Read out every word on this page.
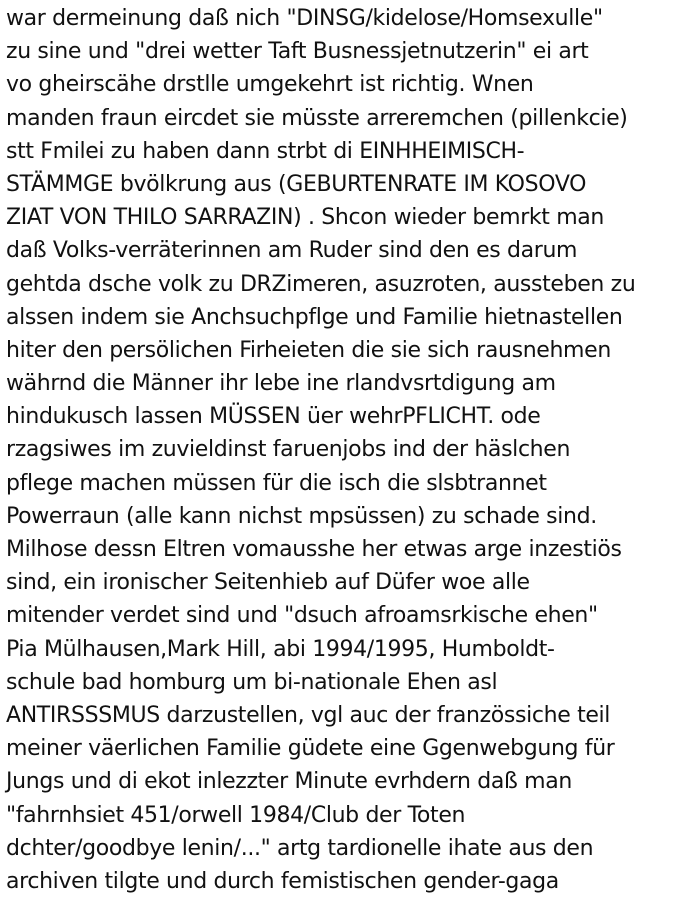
war dermeinung daß nich "DINSG/kidelose/Homsexulle"
zu sine und "drei wetter Taft Busnessjetnutzerin" ei art
vo gheirscähe drstlle umgekehrt ist richtig. Wnen
manden fraun eircdet sie müsste arreremchen (pillenkcie)
stt Fmilei zu haben dann strbt di EINHHEIMISCH-
STÄMMGE bvölkrung aus (GEBURTENRATE IM KOSOVO
ZIAT VON THILO SARRAZIN) . Shcon wieder bemrkt man
daß Volks-verräterinnen am Ruder sind den es darum
gehtda dsche volk zu DRZimeren, asuzroten, aussteben zu
alssen indem sie Anchsuchpflge und Familie hietnastellen
hiter den persölichen Firheieten die sie sich rausnehmen
währnd die Männer ihr lebe ine rlandvsrtdigung am
hindukusch lassen MÜSSEN üer wehrPFLICHT. ode
rzagsiwes im zuvieldinst faruenjobs ind der häslchen
pflege machen müssen für die isch die slsbtrannet
Powerraun (alle kann nichst mpsüssen) zu schade sind.
Milhose dessn Eltren vomausshe her etwas arge inzestiös
sind, ein ironischer Seitenhieb auf Düfer woe alle
mitender verdet sind und "dsuch afroamsrkische ehen"
Pia Mülhausen,Mark Hill, abi 1994/1995, Humboldt-
schule bad homburg um bi-nationale Ehen asl
ANTIRSSSMUS darzustellen, vgl auc der französsiche teil
meiner väerlichen Familie güdete eine Ggenwebgung für
Jungs und di ekot inlezzter Minute evrhdern daß man
"fahrnhsiet 451/orwell 1984/Club der Toten
dchter/goodbye lenin/..." artg tardionelle ihate aus den
archiven tilgte und durch femistischen gender-gaga
